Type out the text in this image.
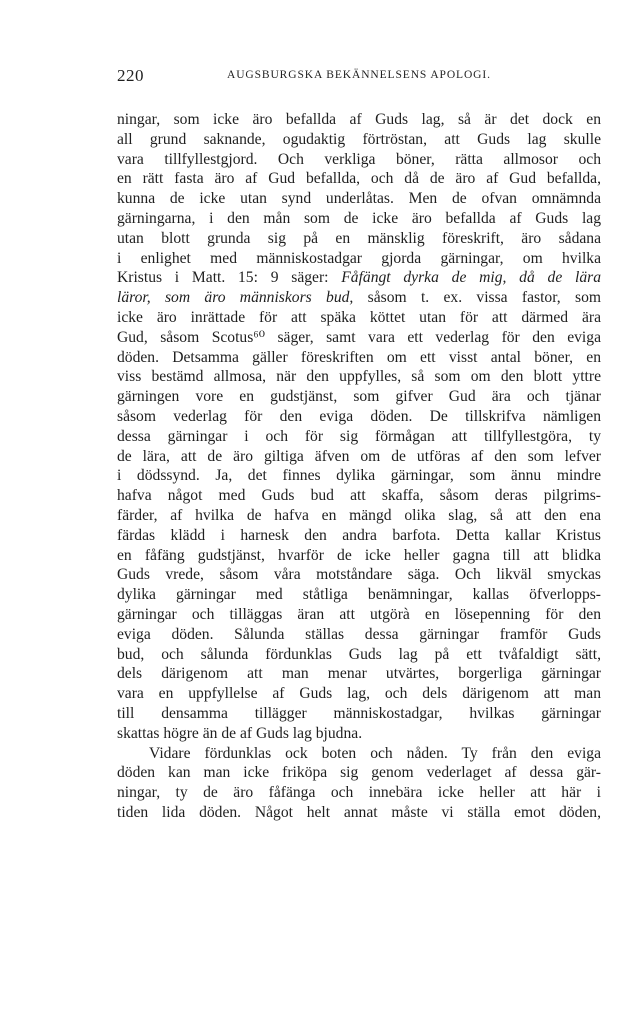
220	AUGSBURGSKA BEKÄNNELSENS APOLOGI.
ningar, som icke äro befallda af Guds lag, så är det dock en
all grund saknande, ogudaktig förtröstan, att Guds lag skulle
vara tillfyllestgjord. Och verkliga böner, rätta allmosor och
en rätt fasta äro af Gud befallda, och då de äro af Gud befallda,
kunna de icke utan synd underlåtas. Men de ofvan omnämnda
gärningarna, i den mån som de icke äro befallda af Guds lag
utan blott grunda sig på en mänsklig föreskrift, äro sådana
i enlighet med människostadgar gjorda gärningar, om hvilka
Kristus i Matt. 15: 9 säger: Fåfängt dyrka de mig, då de lära
läror, som äro människors bud, såsom t. ex. vissa fastor, som
icke äro inrättade för att späka köttet utan för att därmed ära
Gud, såsom Scotus⁶⁰ säger, samt vara ett vederlag för den eviga
döden. Detsamma gäller föreskriften om ett visst antal böner, en
viss bestämd allmosa, när den uppfylles, så som om den blott yttre
gärningen vore en gudstjänst, som gifver Gud ära och tjänar
såsom vederlag för den eviga döden. De tillskrifva nämligen
dessa gärningar i och för sig förmågan att tillfyllestgöra, ty
de lära, att de äro giltiga äfven om de utföras af den som lefver
i dödssynd. Ja, det finnes dylika gärningar, som ännu mindre
hafva något med Guds bud att skaffa, såsom deras pilgrims-
färder, af hvilka de hafva en mängd olika slag, så att den ena
färdas klädd i harnesk den andra barfota. Detta kallar Kristus
en fåfäng gudstjänst, hvarför de icke heller gagna till att blidka
Guds vrede, såsom våra motståndare säga. Och likväl smyckas
dylika gärningar med ståtliga benämningar, kallas öfverlopps-
gärningar och tilläggas äran att utgörà en lösepenning för den
eviga döden. Sålunda ställas dessa gärningar framför Guds
bud, och sålunda fördunklas Guds lag på ett tvåfaldigt sätt,
dels därigenom att man menar utvärtes, borgerliga gärningar
vara en uppfyllelse af Guds lag, och dels därigenom att man
till densamma tillägger människostadgar, hvilkas gärningar
skattas högre än de af Guds lag bjudna.
Vidare fördunklas ock boten och nåden. Ty från den eviga
döden kan man icke friköpa sig genom vederlaget af dessa gär-
ningar, ty de äro fåfänga och innebära icke heller att här i
tiden lida döden. Något helt annat måste vi ställa emot döden,
